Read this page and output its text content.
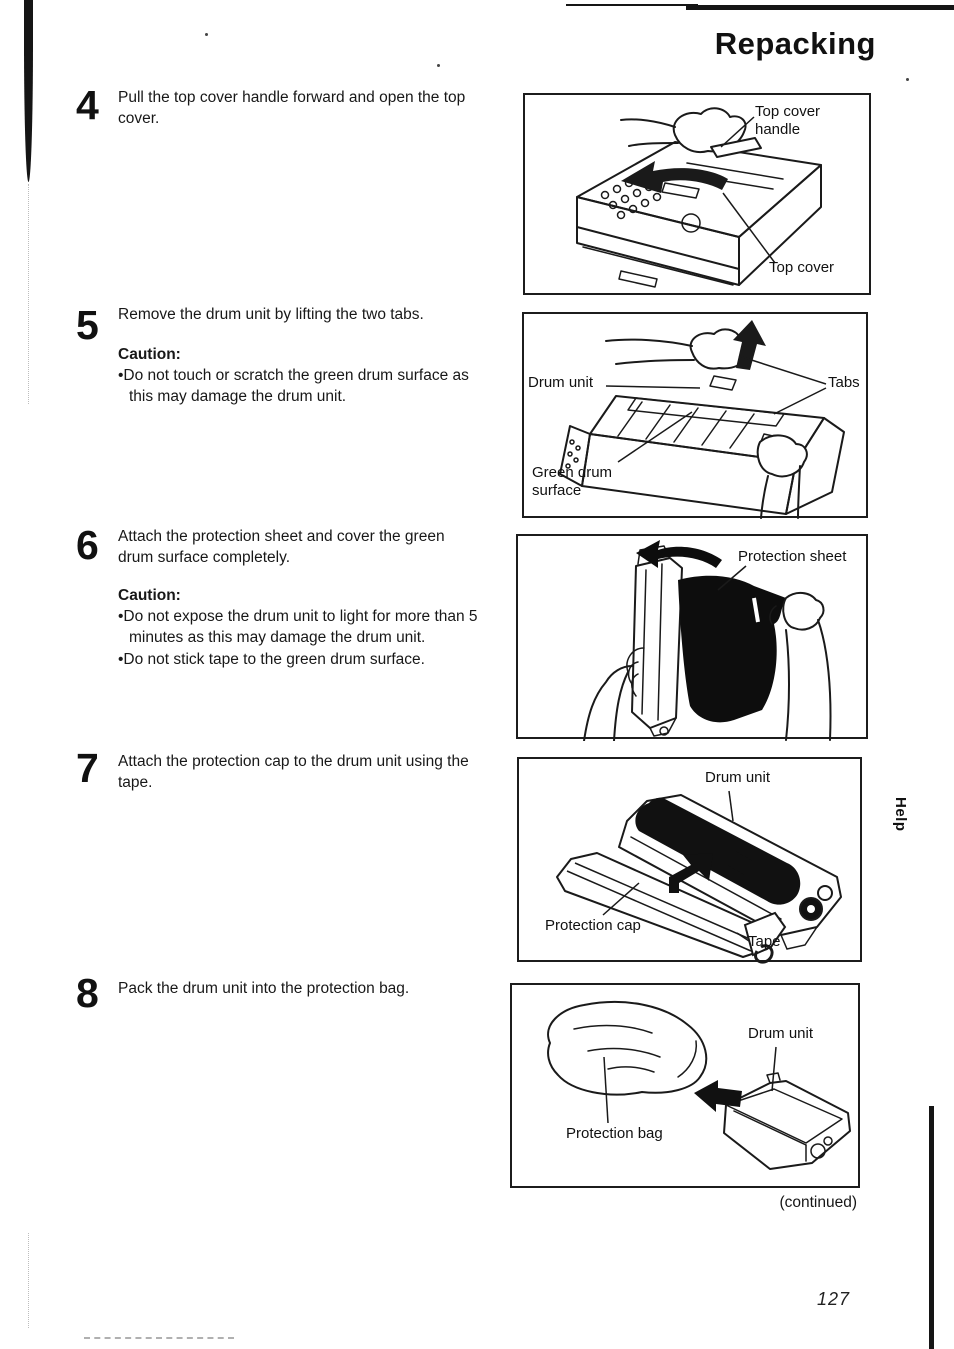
Repacking
4 Pull the top cover handle forward and open the top cover.
5 Remove the drum unit by lifting the two tabs.
Caution:
•Do not touch or scratch the green drum surface as this may damage the drum unit.
6 Attach the protection sheet and cover the green drum surface completely.
Caution:
•Do not expose the drum unit to light for more than 5 minutes as this may damage the drum unit.
•Do not stick tape to the green drum surface.
7 Attach the protection cap to the drum unit using the tape.
8 Pack the drum unit into the protection bag.
Top cover handle
Top cover
Drum unit	Tabs
Green drum surface
Protection sheet
Drum unit
Protection cap
Tape
Drum unit
Protection bag
(continued)
127
Help
